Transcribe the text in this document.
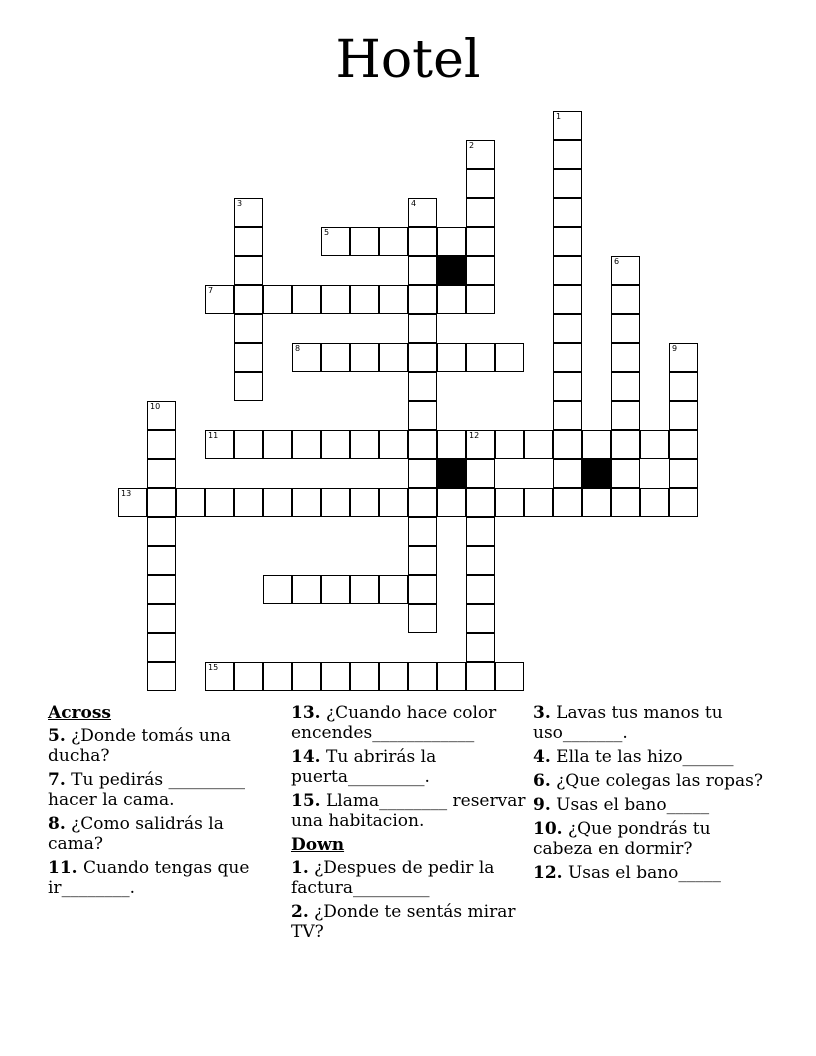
Hotel
1
2
3	4
5
6
7
8	9
10
11	12
13
15
Across
5. ¿Donde tomás una ducha?
7. Tu pedirás _________ hacer la cama.
8. ¿Como salidrás la cama?
11. Cuando tengas que ir________.
13. ¿Cuando hace color encendes____________
14. Tu abrirás la puerta_________.
15. Llama________ reservar una habitacion.
Down
1. ¿Despues de pedir la factura_________
2. ¿Donde te sentás mirar TV?
3. Lavas tus manos tu uso_______.
4. Ella te las hizo______
6. ¿Que colegas las ropas?
9. Usas el bano_____
10. ¿Que pondrás tu cabeza en dormir?
12. Usas el bano_____
